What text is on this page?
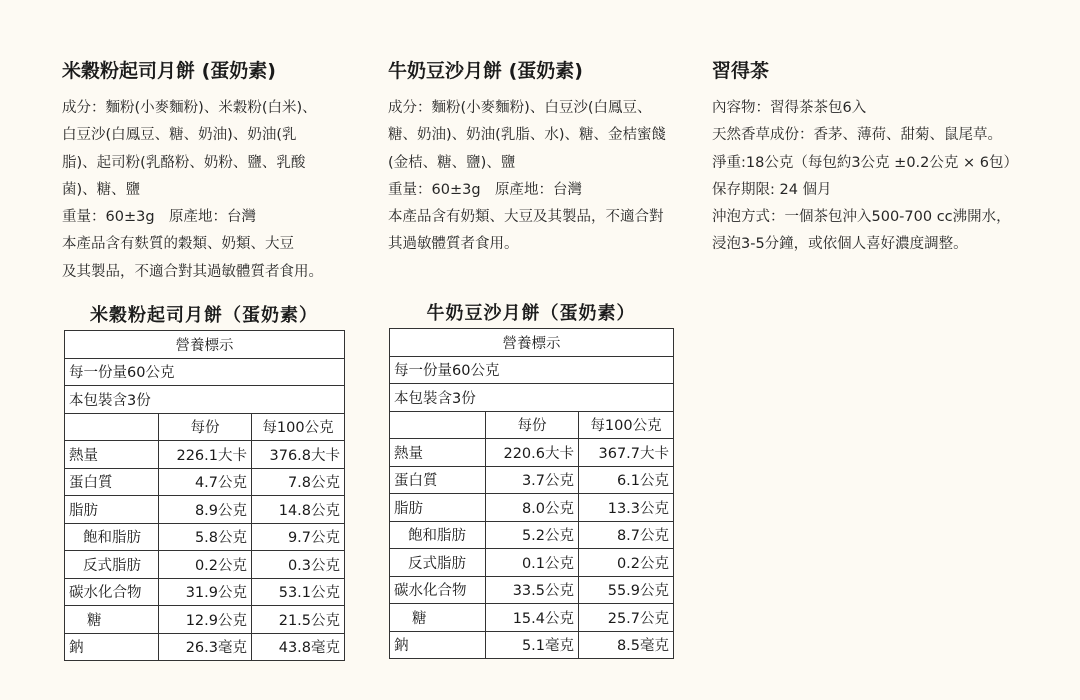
米穀粉起司月餅 (蛋奶素)

成分：麵粉(小麥麵粉)、米穀粉(白米)、

白豆沙(白鳳豆、糖、奶油)、奶油(乳

脂)、起司粉(乳酪粉、奶粉、鹽、乳酸

菌)、糖、鹽

重量：60±3g　原產地：台灣

本產品含有麩質的穀類、奶類、大豆

及其製品，不適合對其過敏體質者食用。

牛奶豆沙月餅 (蛋奶素)

成分：麵粉(小麥麵粉)、白豆沙(白鳳豆、

糖、奶油)、奶油(乳脂、水)、糖、金桔蜜餞

(金桔、糖、鹽)、鹽

重量：60±3g　原產地：台灣

本產品含有奶類、大豆及其製品，不適合對

其過敏體質者食用。

習得茶

內容物：習得茶茶包6入

天然香草成份：香茅、薄荷、甜菊、鼠尾草。

淨重:18公克（每包約3公克 ±0.2公克 × 6包）

保存期限: 24 個月

沖泡方式：一個茶包沖入500-700 cc沸開水，

浸泡3-5分鐘，或依個人喜好濃度調整。

米穀粉起司月餅（蛋奶素）
營養標示		
每一份量60公克		
本包裝含3份		
	每份	每100公克
熱量	226.1大卡	376.8大卡
蛋白質	4.7公克	7.8公克
脂肪	8.9公克	14.8公克
飽和脂肪	5.8公克	9.7公克
反式脂肪	0.2公克	0.3公克
碳水化合物	31.9公克	53.1公克
糖	12.9公克	21.5公克
鈉	26.3毫克	43.8毫克
牛奶豆沙月餅（蛋奶素）
營養標示		
每一份量60公克		
本包裝含3份		
	每份	每100公克
熱量	220.6大卡	367.7大卡
蛋白質	3.7公克	6.1公克
脂肪	8.0公克	13.3公克
飽和脂肪	5.2公克	8.7公克
反式脂肪	0.1公克	0.2公克
碳水化合物	33.5公克	55.9公克
糖	15.4公克	25.7公克
鈉	5.1毫克	8.5毫克
